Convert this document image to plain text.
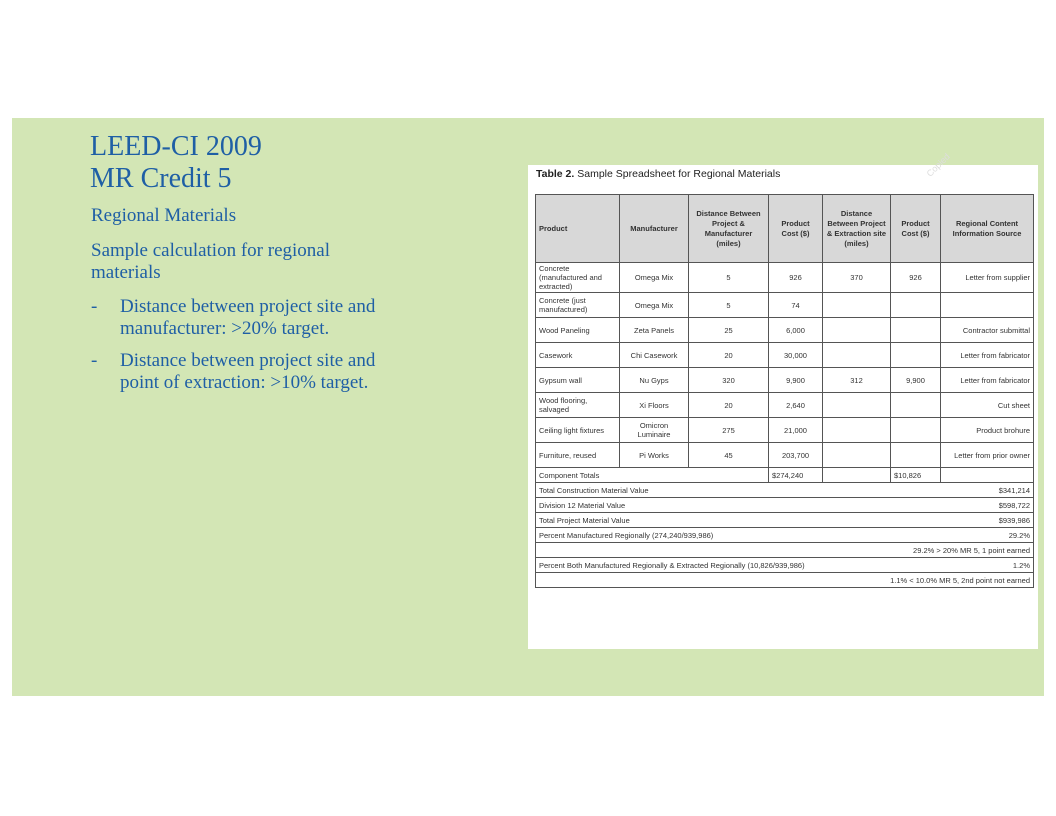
LEED-CI 2009
MR Credit 5
Regional Materials
Sample calculation for regional materials
- Distance between project site and manufacturer: >20% target.
- Distance between project site and point of extraction: >10% target.
Table 2. Sample Spreadsheet for Regional Materials	Copied
Product	Manufacturer	Distance Between Project & Manufacturer (miles)	Product Cost ($)	Distance Between Project & Extraction site (miles)	Product Cost ($)	Regional Content Information Source
Concrete (manufactured and extracted)	Omega Mix	5	926	370	926	Letter from supplier
Concrete (just manufactured)	Omega Mix	5	74			
Wood Paneling	Zeta Panels	25	6,000			Contractor submittal
Casework	Chi Casework	20	30,000			Letter from fabricator
Gypsum wall	Nu Gyps	320	9,900	312	9,900	Letter from fabricator
Wood flooring, salvaged	Xi Floors	20	2,640			Cut sheet
Ceiling light fixtures	Omicron Luminaire	275	21,000			Product brohure
Furniture, reused	Pi Works	45	203,700			Letter from prior owner
Component Totals			$274,240		$10,826	
Total Construction Material Value					$341,214	
Division 12 Material Value					$598,722	
Total Project Material Value					$939,986	
Percent Manufactured Regionally (274,240/939,986)					29.2%	
29.2% > 20% MR 5, 1 point earned						
Percent Both Manufactured Regionally & Extracted Regionally (10,826/939,986)					1.2%	
1.1% < 10.0% MR 5, 2nd point not earned						
